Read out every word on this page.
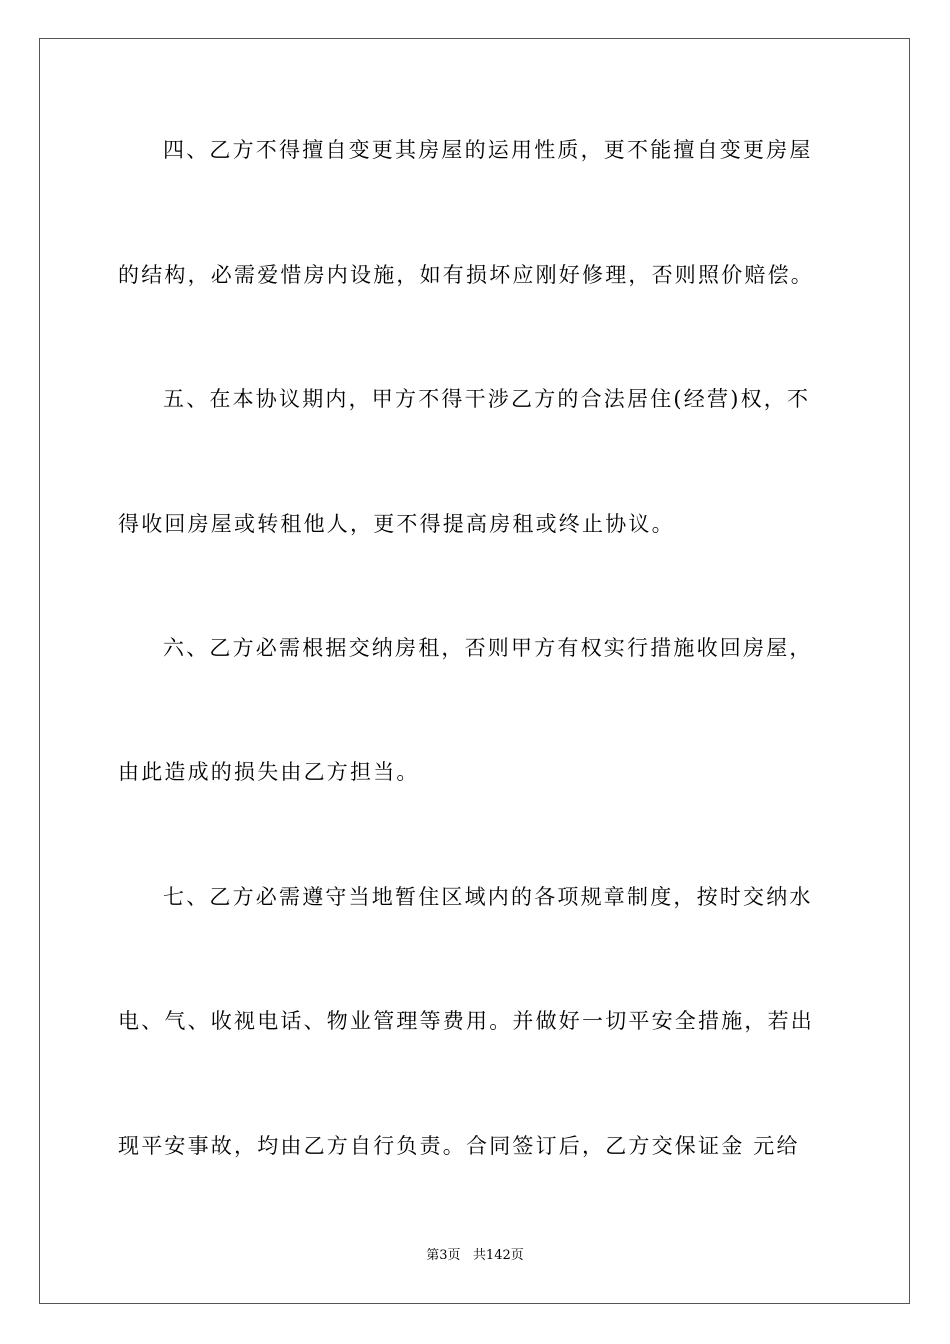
四、乙方不得擅自变更其房屋的运用性质，更不能擅自变更房屋
的结构，必需爱惜房内设施，如有损坏应刚好修理，否则照价赔偿。
五、在本协议期内，甲方不得干涉乙方的合法居住(经营)权，不
得收回房屋或转租他人，更不得提高房租或终止协议。
六、乙方必需根据交纳房租，否则甲方有权实行措施收回房屋，
由此造成的损失由乙方担当。
七、乙方必需遵守当地暂住区域内的各项规章制度，按时交纳水
电、气、收视电话、物业管理等费用。并做好一切平安全措施，若出
现平安事故，均由乙方自行负责。合同签订后，乙方交保证金 元给
第3页   共142页
